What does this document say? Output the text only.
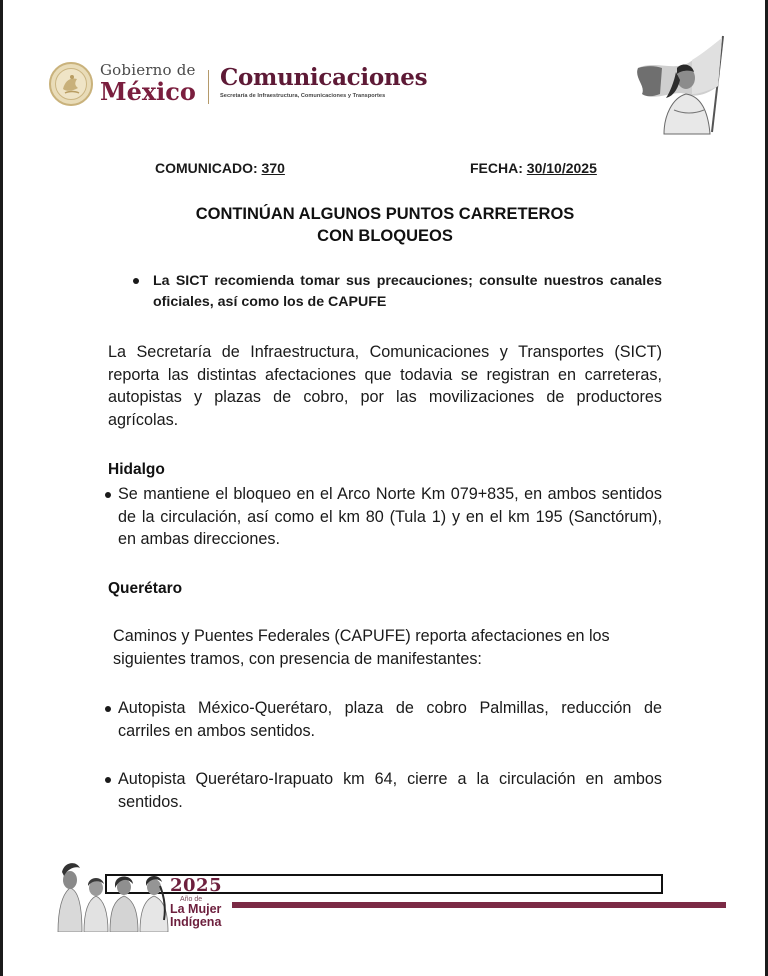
Gobierno de
México Comunicaciones
Secretaría de Infraestructura, Comunicaciones y Transportes
COMUNICADO: 370	FECHA: 30/10/2025
CONTINÚAN ALGUNOS PUNTOS CARRETEROS
CON BLOQUEOS
La SICT recomienda tomar sus precauciones; consulte nuestros canales oficiales, así como los de CAPUFE
La Secretaría de Infraestructura, Comunicaciones y Transportes (SICT) reporta las distintas afectaciones que todavia se registran en carreteras, autopistas y plazas de cobro, por las movilizaciones de productores agrícolas.
Hidalgo
Se mantiene el bloqueo en el Arco Norte Km 079+835, en ambos sentidos de la circulación, así como el km 80 (Tula 1) y en el km 195 (Sanctórum), en ambas direcciones.
Querétaro
Caminos y Puentes Federales (CAPUFE) reporta afectaciones en los siguientes tramos, con presencia de manifestantes:
Autopista México-Querétaro, plaza de cobro Palmillas, reducción de carriles en ambos sentidos.
Autopista Querétaro-Irapuato km 64, cierre a la circulación en ambos sentidos.
2025
Año de
La Mujer
Indígena
